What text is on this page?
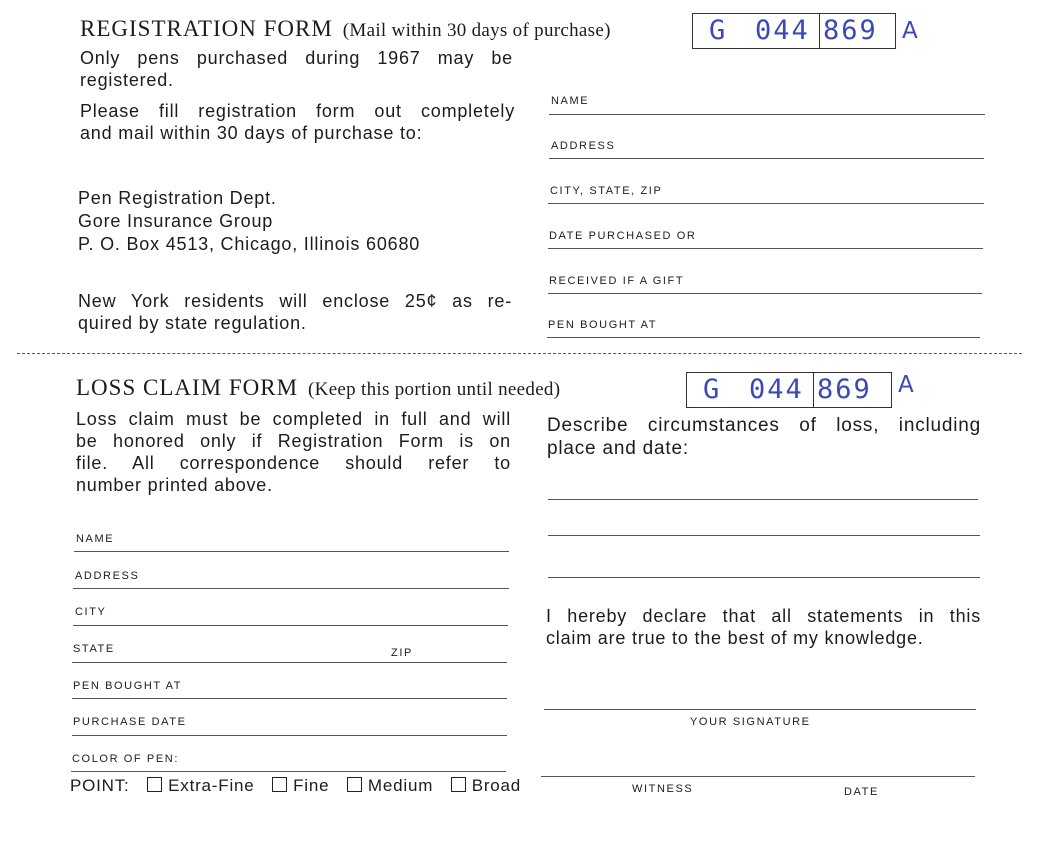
REGISTRATION FORM (Mail within 30 days of purchase)	G 044 869 A
Only pens purchased during 1967 may be
registered.
Please fill registration form out completely
and mail within 30 days of purchase to:
Pen Registration Dept.
Gore Insurance Group
P. O. Box 4513, Chicago, Illinois 60680
New York residents will enclose 25¢ as re-
quired by state regulation.
NAME
ADDRESS
CITY, STATE, ZIP
DATE PURCHASED OR
RECEIVED IF A GIFT
PEN BOUGHT AT
LOSS CLAIM FORM (Keep this portion until needed)	G 044 869 A
Loss claim must be completed in full and will
be honored only if Registration Form is on
file. All correspondence should refer to
number printed above.
NAME
ADDRESS
CITY
STATE	ZIP
PEN BOUGHT AT
PURCHASE DATE
COLOR OF PEN:
POINT: Extra-Fine Fine Medium Broad
Describe circumstances of loss, including
place and date:
I hereby declare that all statements in this
claim are true to the best of my knowledge.
YOUR SIGNATURE
WITNESS	DATE
